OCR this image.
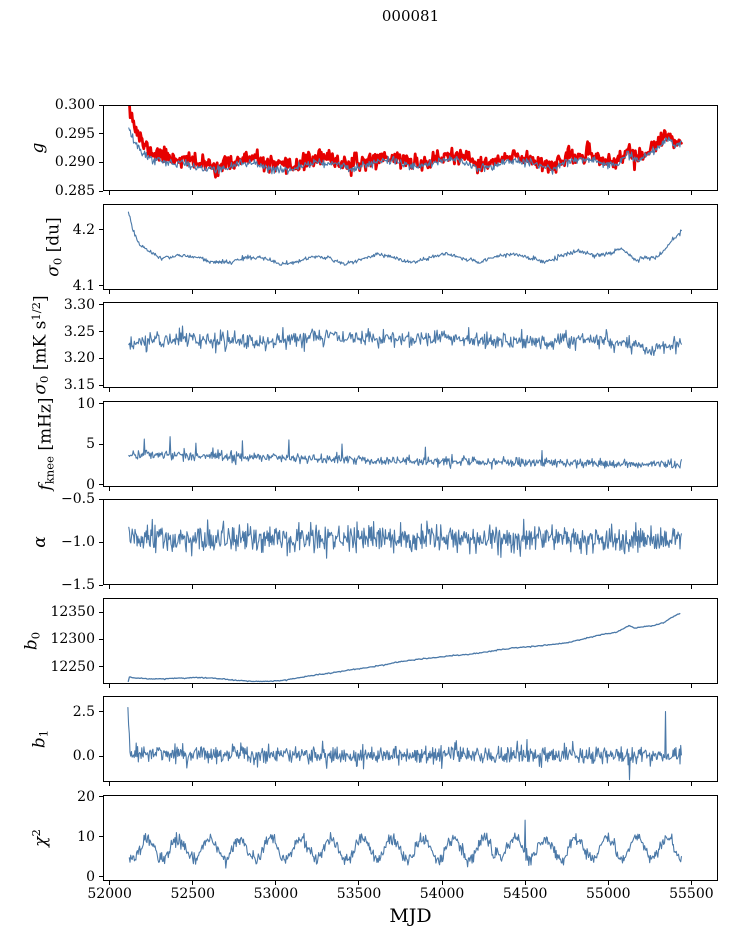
000081
0.285
0.290
0.295
0.300
g
4.1
4.2
σ0 [du]
3.15
3.20
3.25
3.30
σ0 [mK $s^{1/2}$]
0
5
10
fknee [mHz]
−1.5
−1.0
−0.5
α
12250
12300
12350
b0
0.0
2.5
b1
0
10
20
52000	52500	53000	53500	54000	54500	55000	55500
$\chi^2$
MJD
